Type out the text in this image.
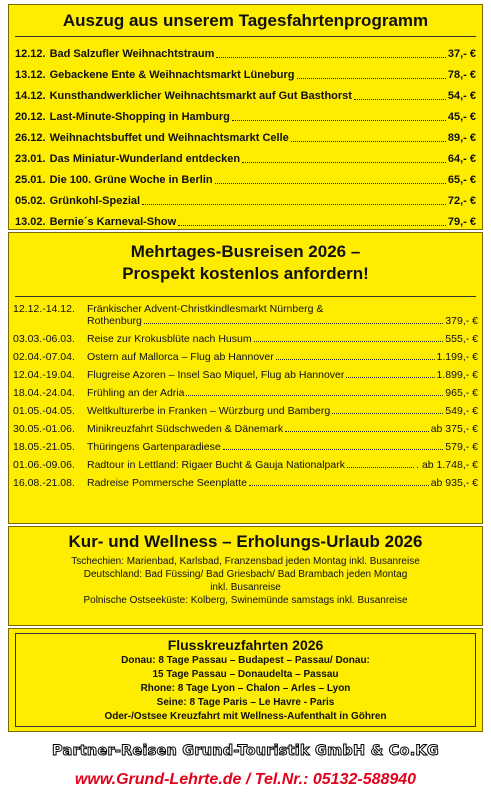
Auszug aus unserem Tagesfahrtenprogramm
12.12. Bad Salzufler Weihnachtstraum	37,- €
13.12. Gebackene Ente & Weihnachtsmarkt Lüneburg	78,- €
14.12. Kunsthandwerklicher Weihnachtsmarkt auf Gut Basthorst	54,- €
20.12. Last-Minute-Shopping in Hamburg	45,- €
26.12. Weihnachtsbuffet und Weihnachtsmarkt Celle	89,- €
23.01. Das Miniatur-Wunderland entdecken	64,- €
25.01. Die 100. Grüne Woche in Berlin	65,- €
05.02. Grünkohl-Spezial	72,- €
13.02. Bernie´s Karneval-Show	79,- €
Mehrtages-Busreisen 2026 –
Prospekt kostenlos anfordern!
12.12.-14.12.	Fränkischer Advent-Christkindlesmarkt Nürnberg &
Rothenburg	379,- €
03.03.-06.03.	Reise zur Krokusblüte nach Husum	555,- €
02.04.-07.04.	Ostern auf Mallorca – Flug ab Hannover	1.199,- €
12.04.-19.04.	Flugreise Azoren – Insel Sao Miquel, Flug ab Hannover	1.899,- €
18.04.-24.04.	Frühling an der Adria	965,- €
01.05.-04.05.	Weltkulturerbe in Franken – Würzburg und Bamberg	549,- €
30.05.-01.06.	Minikreuzfahrt Südschweden & Dänemark	ab 375,- €
18.05.-21.05.	Thüringens Gartenparadiese	579,- €
01.06.-09.06.	Radtour in Lettland: Rigaer Bucht & Gauja Nationalpark	. ab 1.748,- €
16.08.-21.08.	Radreise Pommersche Seenplatte	ab 935,- €
Kur- und Wellness – Erholungs-Urlaub 2026
Tschechien: Marienbad, Karlsbad, Franzensbad jeden Montag inkl. Busanreise
Deutschland: Bad Füssing/ Bad Griesbach/ Bad Brambach jeden Montag
inkl. Busanreise
Polnische Ostseeküste: Kolberg, Swinemünde samstags inkl. Busanreise
Flusskreuzfahrten 2026
Donau: 8 Tage Passau – Budapest – Passau/ Donau:
15 Tage Passau – Donaudelta – Passau
Rhone: 8 Tage Lyon – Chalon – Arles – Lyon
Seine: 8 Tage Paris – Le Havre - Paris
Oder-/Ostsee Kreuzfahrt mit Wellness-Aufenthalt in Göhren
Partner-Reisen Grund-Touristik GmbH & Co.KG
www.Grund-Lehrte.de / Tel.Nr.: 05132-588940
